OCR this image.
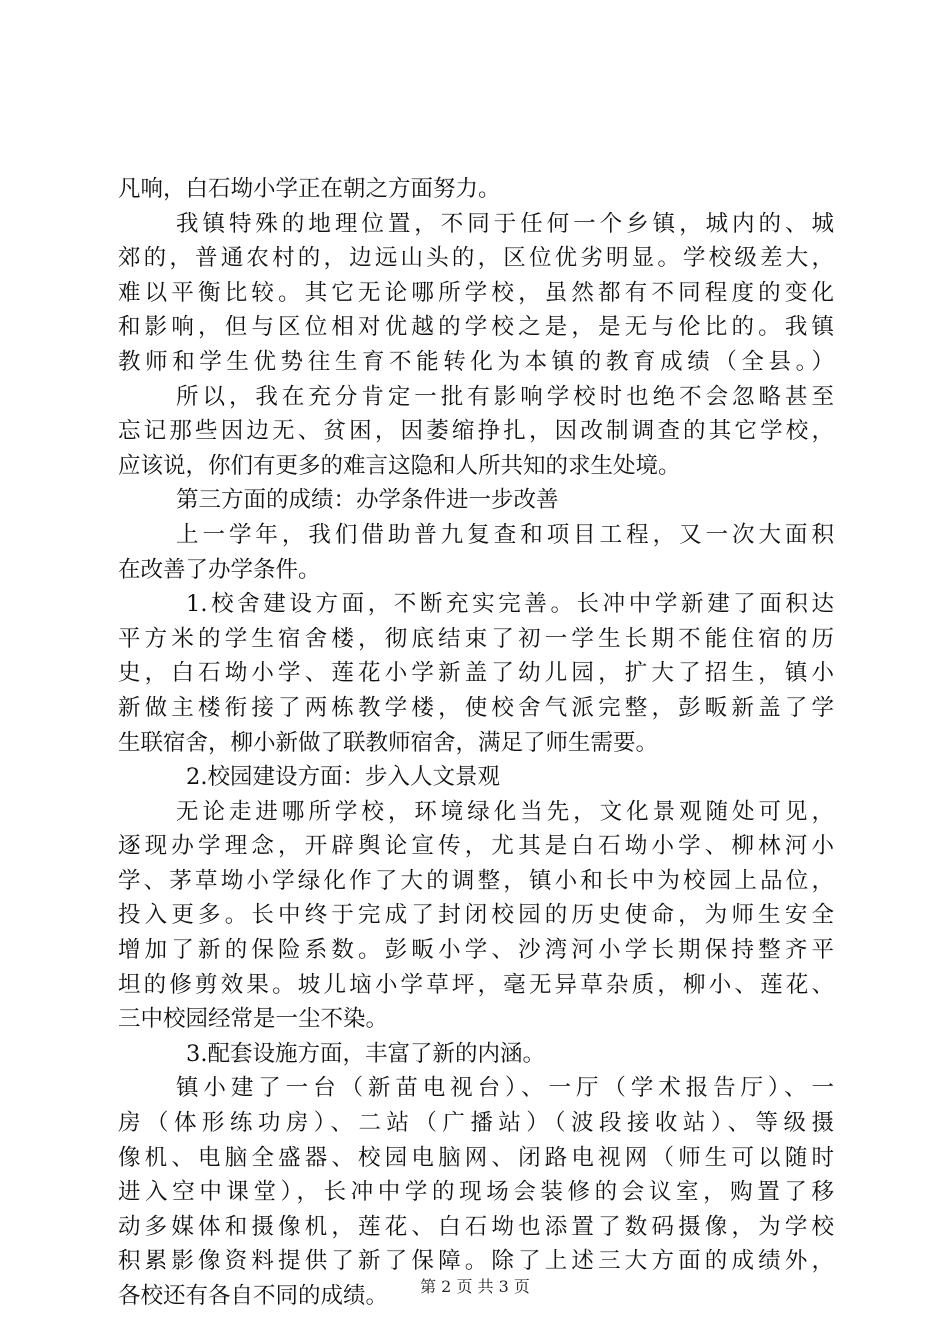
凡响，白石坳小学正在朝之方面努力。
我镇特殊的地理位置，不同于任何一个乡镇，城内的、城
郊的，普通农村的，边远山头的，区位优劣明显。学校级差大，
难以平衡比较。其它无论哪所学校，虽然都有不同程度的变化
和影响，但与区位相对优越的学校之是，是无与伦比的。我镇
教师和学生优势往生育不能转化为本镇的教育成绩（全县。）
所以，我在充分肯定一批有影响学校时也绝不会忽略甚至
忘记那些因边无、贫困，因萎缩挣扎，因改制调查的其它学校，
应该说，你们有更多的难言这隐和人所共知的求生处境。
第三方面的成绩：办学条件进一步改善
上一学年，我们借助普九复查和项目工程，又一次大面积
在改善了办学条件。
1.校舍建设方面，不断充实完善。长冲中学新建了面积达
平方米的学生宿舍楼，彻底结束了初一学生长期不能住宿的历
史，白石坳小学、莲花小学新盖了幼儿园，扩大了招生，镇小
新做主楼衔接了两栋教学楼，使校舍气派完整，彭畈新盖了学
生联宿舍，柳小新做了联教师宿舍，满足了师生需要。
2.校园建设方面：步入人文景观
无论走进哪所学校，环境绿化当先，文化景观随处可见，
逐现办学理念，开辟舆论宣传，尤其是白石坳小学、柳林河小
学、茅草坳小学绿化作了大的调整，镇小和长中为校园上品位，
投入更多。长中终于完成了封闭校园的历史使命，为师生安全
增加了新的保险系数。彭畈小学、沙湾河小学长期保持整齐平
坦的修剪效果。坡儿垴小学草坪，毫无异草杂质，柳小、莲花、
三中校园经常是一尘不染。
3.配套设施方面，丰富了新的内涵。
镇小建了一台（新苗电视台）、一厅（学术报告厅）、一
房（体形练功房）、二站（广播站）（波段接收站）、等级摄
像机、电脑全盛器、校园电脑网、闭路电视网（师生可以随时
进入空中课堂），长冲中学的现场会装修的会议室，购置了移
动多媒体和摄像机，莲花、白石坳也添置了数码摄像，为学校
积累影像资料提供了新了保障。除了上述三大方面的成绩外，
各校还有各自不同的成绩。	第 2 页 共 3 页
